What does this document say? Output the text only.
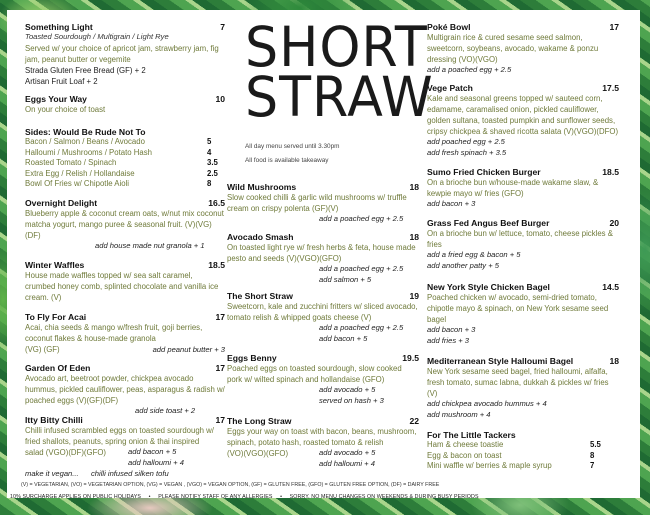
Something Light	7
Toasted Sourdough / Multigrain / Light Rye
Served w/ your choice of apricot jam, strawberry jam, fig jam, peanut butter or vegemite
Strada Gluten Free Bread (GF) + 2
Artisan Fruit Loaf + 2
Eggs Your Way	10
On your choice of toast
Sides: Would Be Rude Not To
Bacon / Salmon / Beans / Avocado	5
Halloumi / Mushrooms / Potato Hash	4
Roasted Tomato / Spinach	3.5
Extra Egg / Relish / Hollandaise	2.5
Bowl Of Fries w/ Chipotle Aioli	8
Overnight Delight	16.5
Blueberry apple & coconut cream oats, w/nut mix coconut matcha yogurt, mango puree & seasonal fruit. (V)(VG)(DF)
add house made nut granola + 1
Winter Waffles	18.5
House made waffles topped w/ sea salt caramel, crumbed honey comb, splinted chocolate and vanilla ice cream. (V)
To Fly For Acai	17
Acai, chia seeds & mango w/fresh fruit, goji berries, coconut flakes & house-made granola
(VG) (GF)	add peanut butter + 3
Garden Of Eden	17
Avocado art, beetroot powder, chickpea avocado hummus, pickled cauliflower, peas, asparagus & radish w/ poached eggs (V)(GF)(DF)
add side toast + 2
Itty Bitty Chilli	17
Chilli infused scrambled eggs on toasted sourdough w/ fried shallots, peanuts, spring onion & thai inspired
salad (VGO)(DF)(GFO)	add bacon + 5
add halloumi + 4
make it vegan...	chilli infused silken tofu
SHORT
STRAW
All day menu served until 3.30pm
All food is available takeaway
Wild Mushrooms	18
Slow cooked chilli & garlic wild mushrooms w/ truffle cream on crispy polenta (GF)(V)
add a poached egg + 2.5
Avocado Smash	18
On toasted light rye w/ fresh herbs & feta, house made pesto and seeds (V)(VGO)(GFO)
add a poached egg + 2.5
add salmon + 5
The Short Straw	19
Sweetcorn, kale and zucchini fritters w/ sliced avocado, tomato relish & whipped goats cheese (V)
add a poached egg + 2.5
add bacon + 5
Eggs Benny	19.5
Poached eggs on toasted sourdough, slow cooked pork w/ wilted spinach and hollandaise (GFO)
add avocado + 5
served on hash + 3
The Long Straw	22
Eggs your way on toast with bacon, beans, mushroom, spinach, potato hash, roasted tomato & relish
(VO)(VGO)(GFO)	add avocado + 5
add halloumi + 4
Poké Bowl	17
Multigrain rice & cured sesame seed salmon, sweetcorn, soybeans, avocado, wakame & ponzu dressing (VO)(VGO)
add a poached egg + 2.5
Vege Patch	17.5
Kale and seasonal greens topped w/ sauteed corn, edamame, caramalised onion, pickled cauliflower, golden sultana, toasted pumpkin and sunflower seeds, cripsy chickpea & shaved ricotta salata (V)(VGO)(DFO)
add poached egg + 2.5
add fresh spinach + 3.5
Sumo Fried Chicken Burger	18.5
On a brioche bun w/house-made wakame slaw, & kewpie mayo w/ fries (GFO)
add bacon + 3
Grass Fed Angus Beef Burger	20
On a brioche bun w/ lettuce, tomato, cheese pickles & fries
add a fried egg & bacon + 5
add another patty + 5
New York Style Chicken Bagel	14.5
Poached chicken w/ avocado, semi-dried tomato, chipotle mayo & spinach, on New York sesame seed bagel
add bacon + 3
add fries + 3
Mediterranean Style Halloumi Bagel	18
New York sesame seed bagel, fried halloumi, alfalfa, fresh tomato, sumac labna, dukkah & pickles w/ fries (V)
add chickpea avocado hummus + 4
add mushroom + 4
For The Little Tackers
Ham & cheese toastie	5.5
Egg & bacon on toast	8
Mini waffle w/ berries & maple syrup	7
(V) = VEGETARIAN, (VO) = VEGETARIAN OPTION, (VG) = VEGAN , (VGO) = VEGAN OPTION, (GF) = GLUTEN FREE, (GFO) = GLUTEN FREE OPTION, (DF) = DAIRY FREE
10% SURCHARGE APPLIES ON PUBLIC HOLIDAYS • PLEASE NOTIFY STAFF OF ANY ALLERGIES • SORRY, NO MENU CHANGES ON WEEKENDS & DURING BUSY PERIODS
